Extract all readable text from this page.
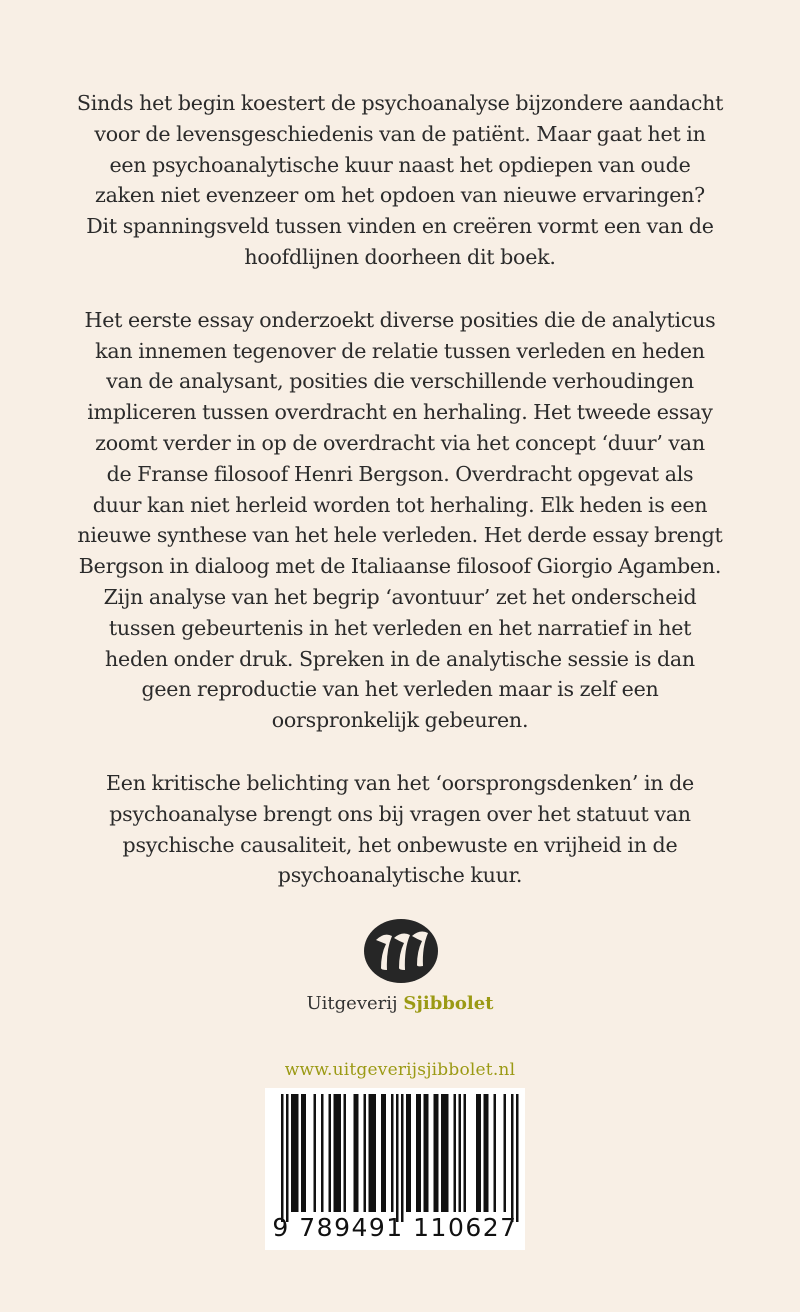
Sinds het begin koestert de psychoanalyse bijzondere aandacht
voor de levensgeschiedenis van de patiënt. Maar gaat het in
een psychoanalytische kuur naast het opdiepen van oude
zaken niet evenzeer om het opdoen van nieuwe ervaringen?
Dit spanningsveld tussen vinden en creëren vormt een van de
hoofdlijnen doorheen dit boek.

Het eerste essay onderzoekt diverse posities die de analyticus
kan innemen tegenover de relatie tussen verleden en heden
van de analysant, posities die verschillende verhoudingen
impliceren tussen overdracht en herhaling. Het tweede essay
zoomt verder in op de overdracht via het concept ‘duur’ van
de Franse filosoof Henri Bergson. Overdracht opgevat als
duur kan niet herleid worden tot herhaling. Elk heden is een
nieuwe synthese van het hele verleden. Het derde essay brengt
Bergson in dialoog met de Italiaanse filosoof Giorgio Agamben.
Zijn analyse van het begrip ‘avontuur’ zet het onderscheid
tussen gebeurtenis in het verleden en het narratief in het
heden onder druk. Spreken in de analytische sessie is dan
geen reproductie van het verleden maar is zelf een
oorspronkelijk gebeuren.

Een kritische belichting van het ‘oorsprongsdenken’ in de
psychoanalyse brengt ons bij vragen over het statuut van
psychische causaliteit, het onbewuste en vrijheid in de
psychoanalytische kuur.

Uitgeverij Sjibbolet
www.uitgeverijsjibbolet.nl
9 789491 110627
